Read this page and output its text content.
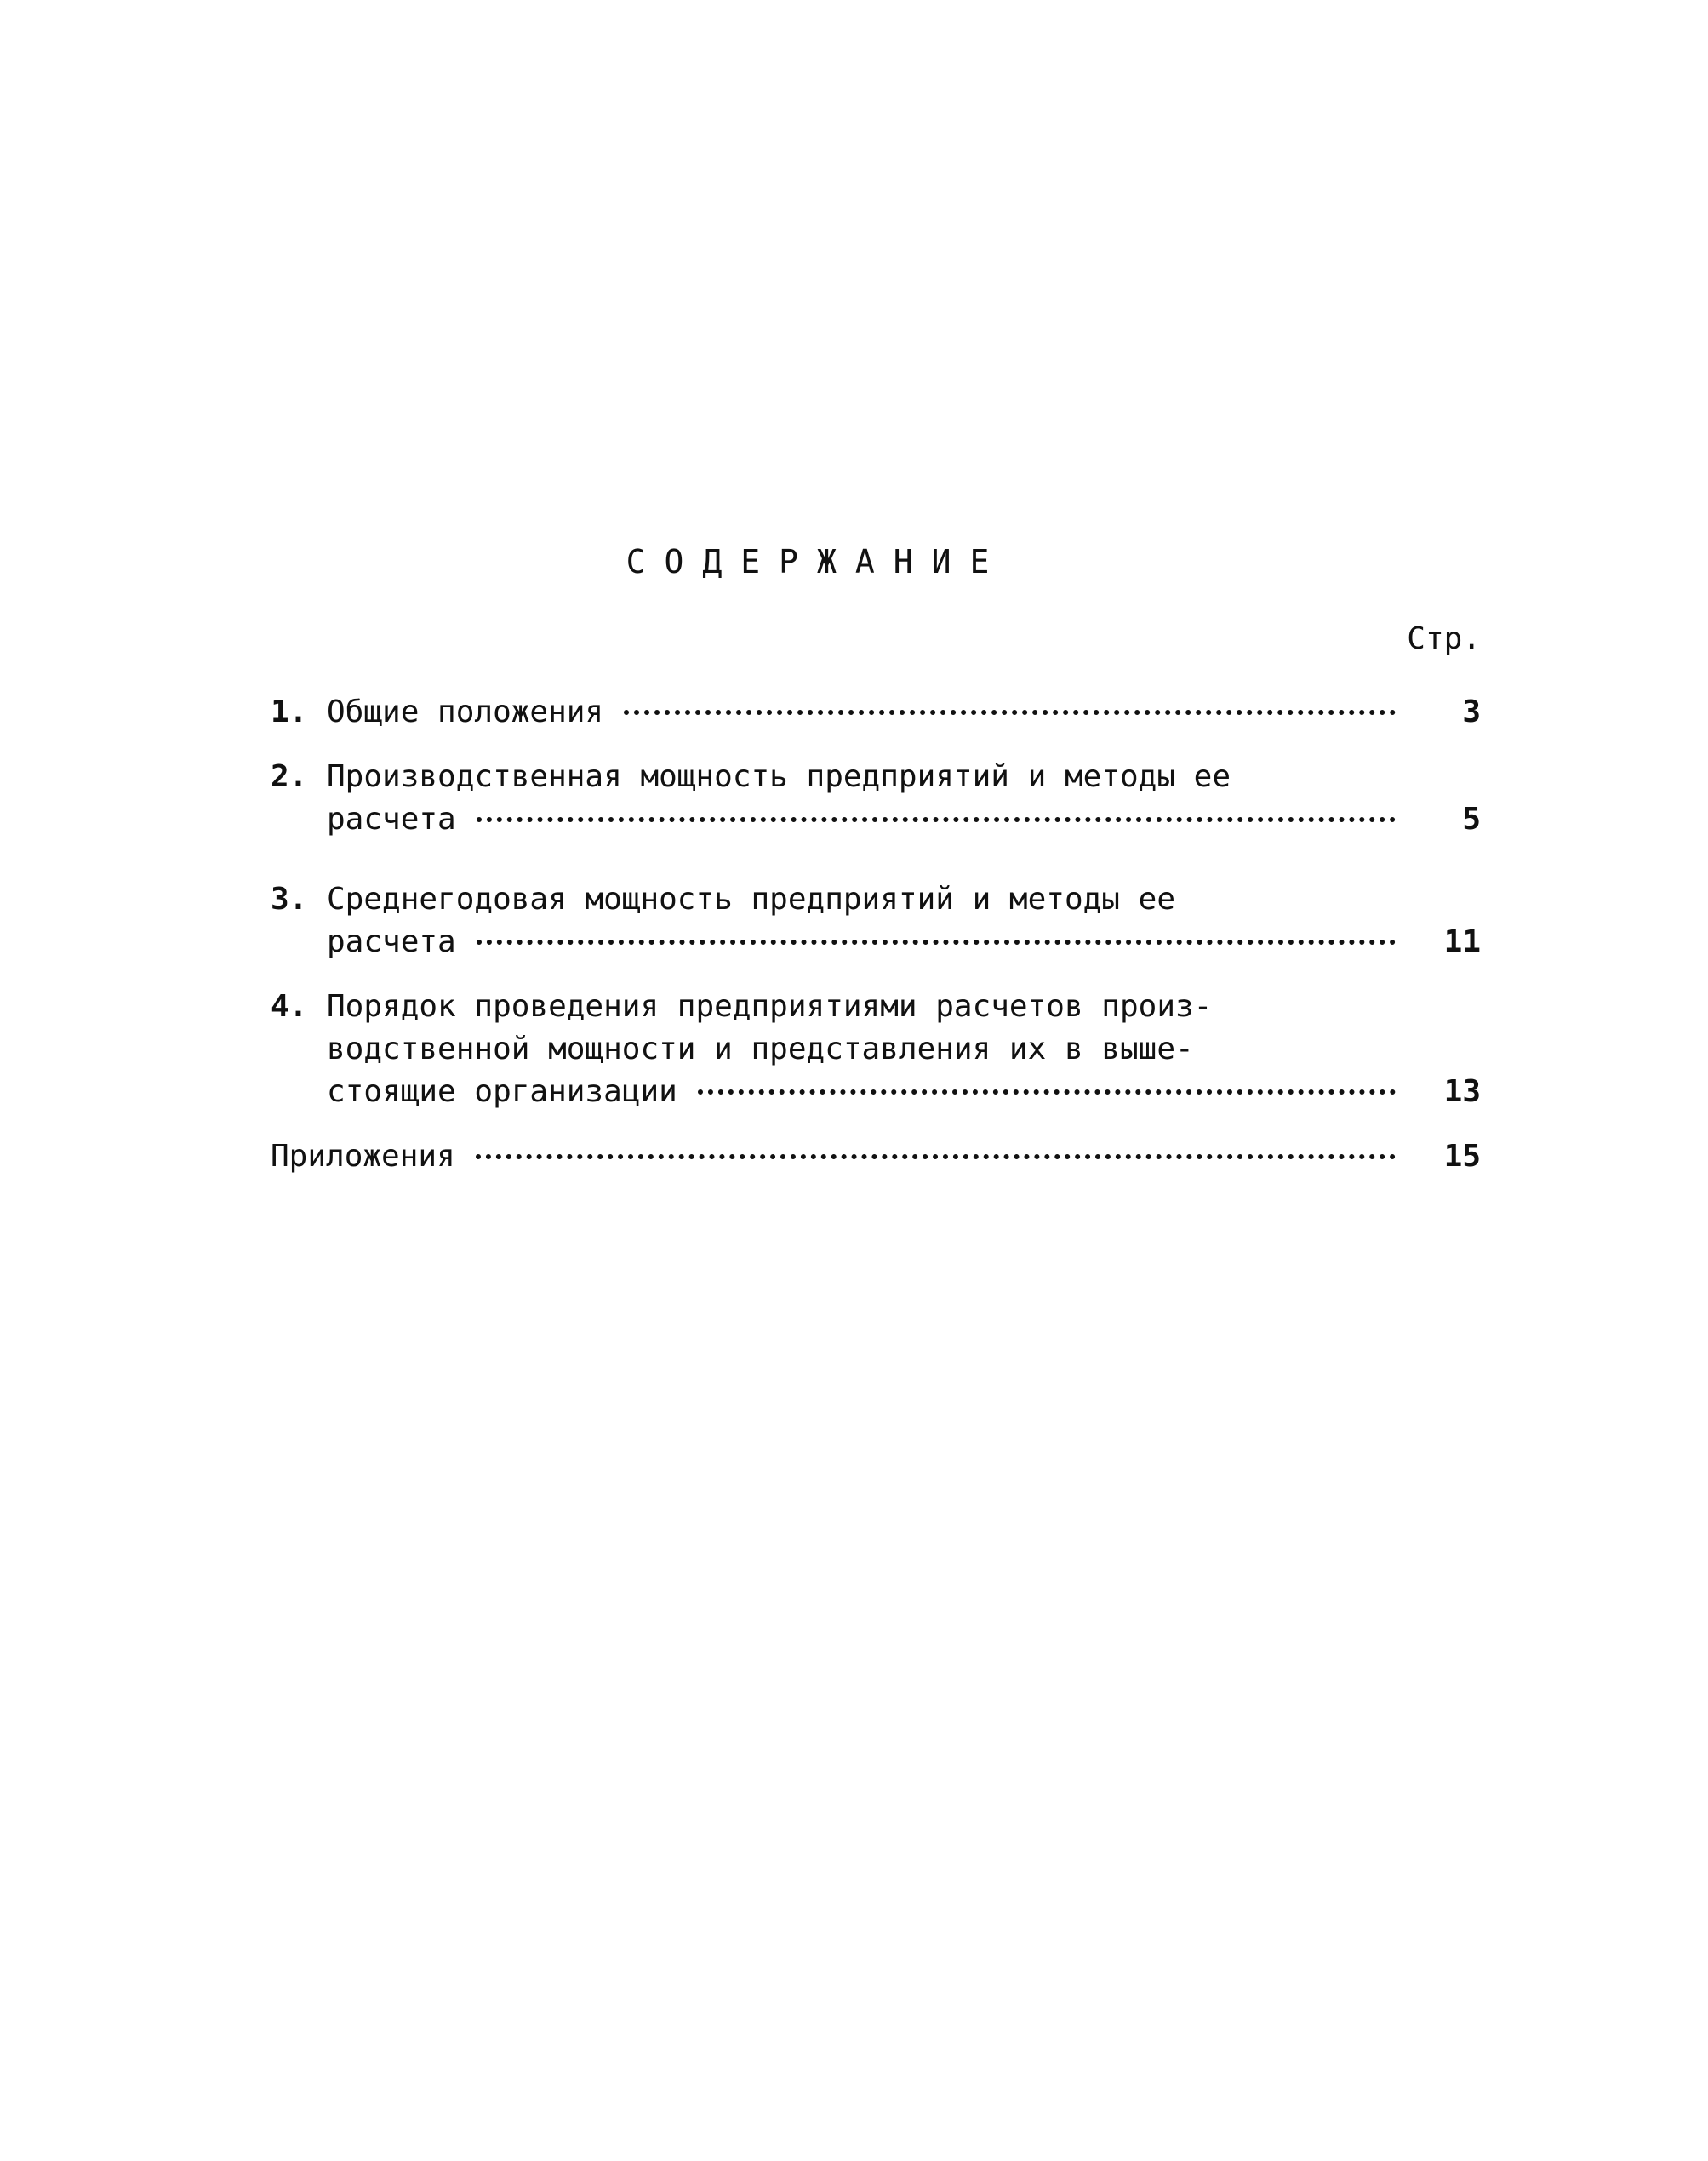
СОДЕРЖАНИЕ
Стр.
1. Общие положения	3
2. Производственная мощность предприятий и методы ее
расчета	5
3. Среднегодовая мощность предприятий и методы ее
расчета	11
4. Порядок проведения предприятиями расчетов произ-
водственной мощности и представления их в выше-
стоящие организации	13
Приложения	15
